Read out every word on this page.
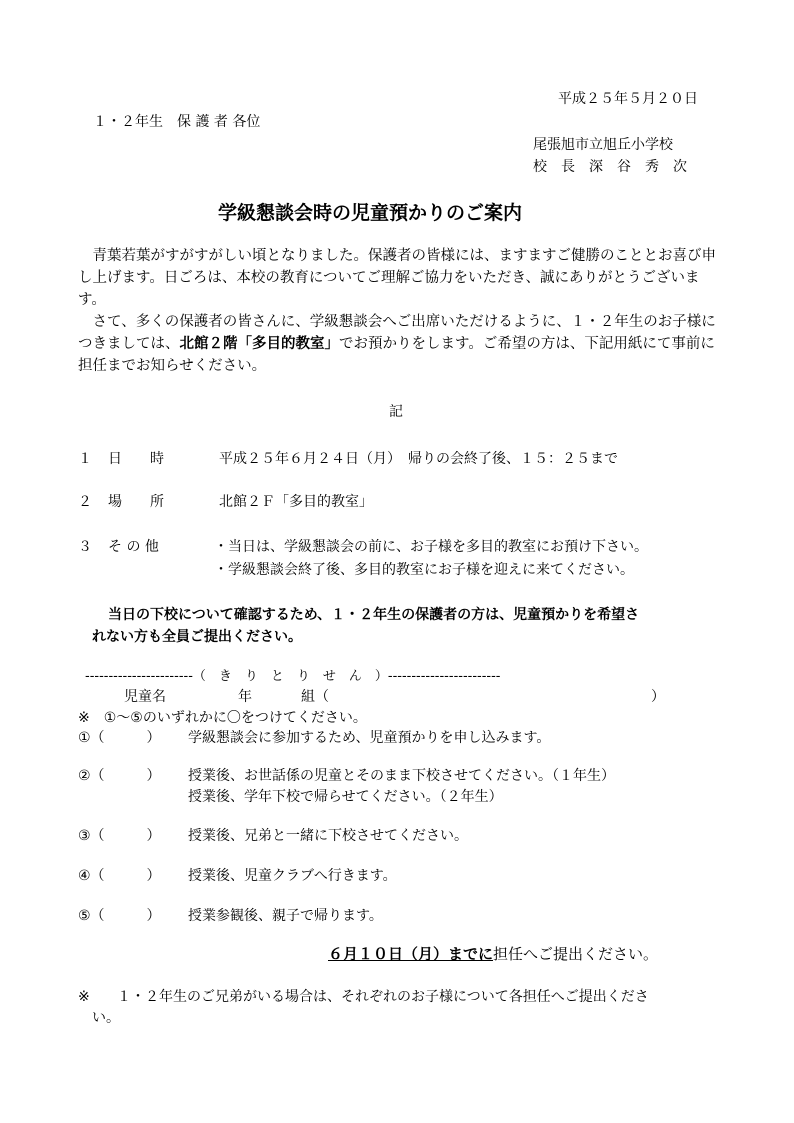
平成２５年５月２０日
１・２年生　保 護 者 各位
尾張旭市立旭丘小学校
校　長　深　谷　秀　次
学級懇談会時の児童預かりのご案内

青葉若葉がすがすがしい頃となりました。保護者の皆様には、ますますご健勝のこととお喜び申し上げます。日ごろは、本校の教育についてご理解ご協力をいただき、誠にありがとうございます。

さて、多くの保護者の皆さんに、学級懇談会へご出席いただけるように、１・２年生のお子様につきましては、北館２階「多目的教室」でお預かりをします。ご希望の方は、下記用紙にて事前に担任までお知らせください。

記
１ 日　　時	平成２５年６月２４日（月）　帰りの会終了後、１５：２５まで
２ 場　　所	北館２Ｆ「多目的教室」
３ そ の 他	・当日は、学級懇談会の前に、お子様を多目的教室にお預け下さい。
・学級懇談会終了後、多目的教室にお子様を迎えに来てください。
当日の下校について確認するため、１・２年生の保護者の方は、児童預かりを希望さ
れない方も全員ご提出ください。
-----------------------（　き　り　と　り　せ　ん　）------------------------
児童名	年	組（	）
※　①～⑤のいずれかに〇をつけてください。
①（　　　） 学級懇談会に参加するため、児童預かりを申し込みます。
②（　　　） 授業後、お世話係の児童とそのまま下校させてください。（１年生）
授業後、学年下校で帰らせてください。（２年生）
③（　　　） 授業後、兄弟と一緒に下校させてください。
④（　　　） 授業後、児童クラブへ行きます。
⑤（　　　） 授業参観後、親子で帰ります。
６月１０日（月）までに担任へご提出ください。
※ １・２年生のご兄弟がいる場合は、それぞれのお子様について各担任へご提出くださ
い。
